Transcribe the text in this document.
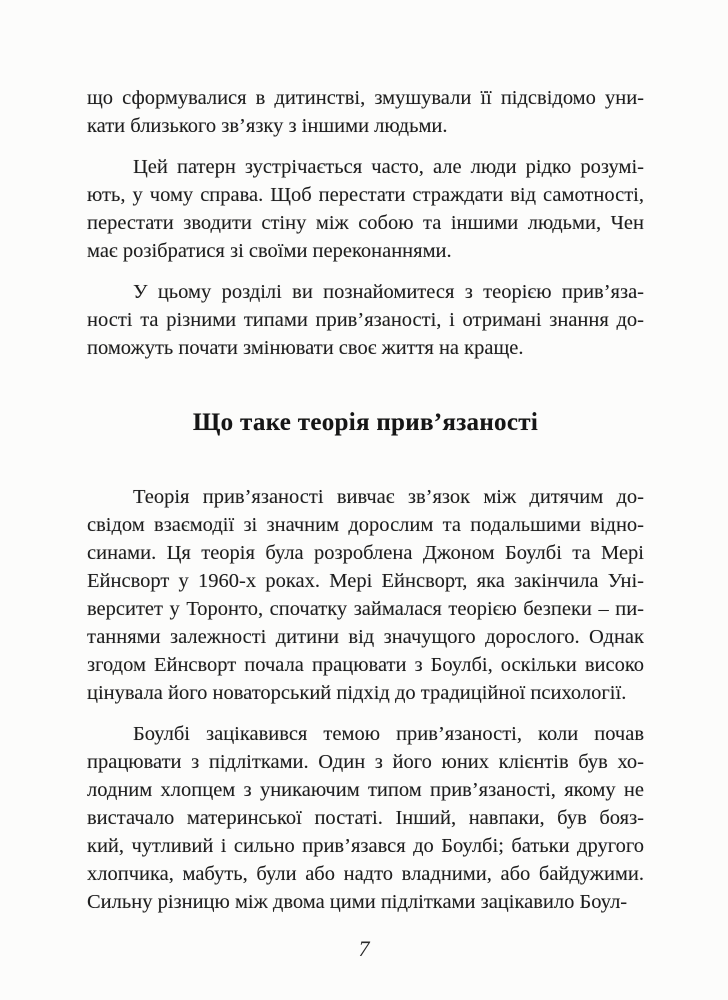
що сформувалися в дитинстві, змушували її підсвідомо уни-
кати близького зв’язку з іншими людьми.
Цей патерн зустрічається часто, але люди рідко розумі-
ють, у чому справа. Щоб перестати страждати від самотності,
перестати зводити стіну між собою та іншими людьми, Чен
має розібратися зі своїми переконаннями.
У цьому розділі ви познайомитеся з теорією прив’яза-
ності та різними типами прив’язаності, і отримані знання до-
поможуть почати змінювати своє життя на краще.
Що таке теорія прив’язаності
Теорія прив’язаності вивчає зв’язок між дитячим до-
свідом взаємодії зі значним дорослим та подальшими відно-
синами. Ця теорія була розроблена Джоном Боулбі та Мері
Ейнсворт у 1960-х роках. Мері Ейнсворт, яка закінчила Уні-
верситет у Торонто, спочатку займалася теорією безпеки – пи-
таннями залежності дитини від значущого дорослого. Однак
згодом Ейнсворт почала працювати з Боулбі, оскільки високо
цінувала його новаторський підхід до традиційної психології.
Боулбі зацікавився темою прив’язаності, коли почав
працювати з підлітками. Один з його юних клієнтів був хо-
лодним хлопцем з уникаючим типом прив’язаності, якому не
вистачало материнської постаті. Інший, навпаки, був бояз-
кий, чутливий і сильно прив’язався до Боулбі; батьки другого
хлопчика, мабуть, були або надто владними, або байдужими.
Сильну різницю між двома цими підлітками зацікавило Боул-
7
